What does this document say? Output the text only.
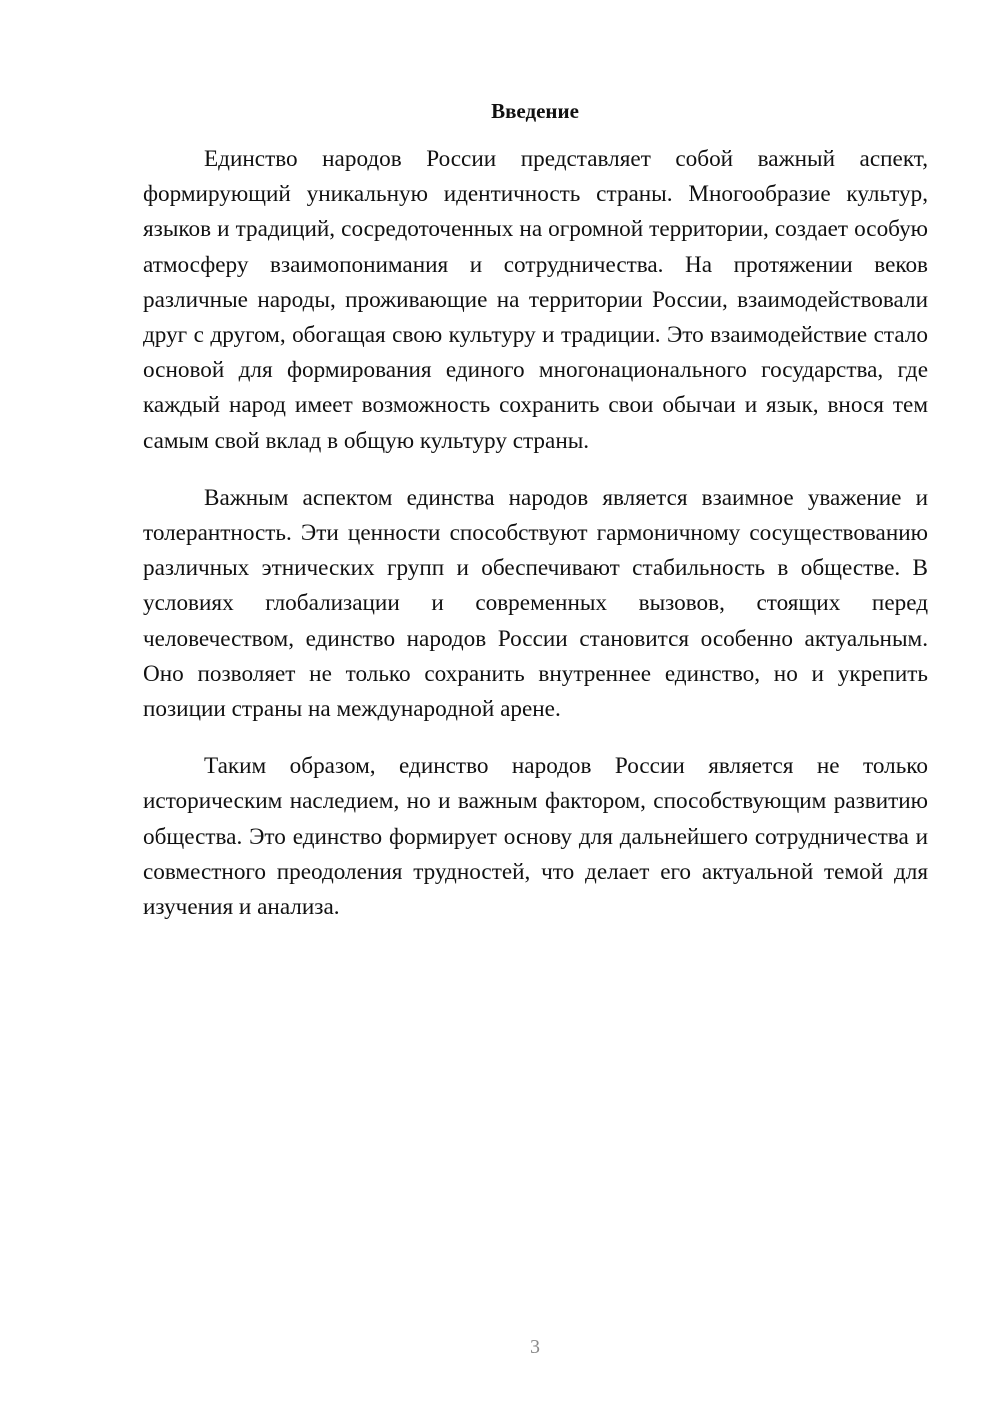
Введение

Единство народов России представляет собой важный аспект, формирующий уникальную идентичность страны. Многообразие культур, языков и традиций, сосредоточенных на огромной территории, создает особую атмосферу взаимопонимания и сотрудничества. На протяжении веков различные народы, проживающие на территории России, взаимодействовали друг с другом, обогащая свою культуру и традиции. Это взаимодействие стало основой для формирования единого многонационального государства, где каждый народ имеет возможность сохранить свои обычаи и язык, внося тем самым свой вклад в общую культуру страны.

Важным аспектом единства народов является взаимное уважение и толерантность. Эти ценности способствуют гармоничному сосуществованию различных этнических групп и обеспечивают стабильность в обществе. В условиях глобализации и современных вызовов, стоящих перед человечеством, единство народов России становится особенно актуальным. Оно позволяет не только сохранить внутреннее единство, но и укрепить позиции страны на международной арене.

Таким образом, единство народов России является не только историческим наследием, но и важным фактором, способствующим развитию общества. Это единство формирует основу для дальнейшего сотрудничества и совместного преодоления трудностей, что делает его актуальной темой для изучения и анализа.

3
